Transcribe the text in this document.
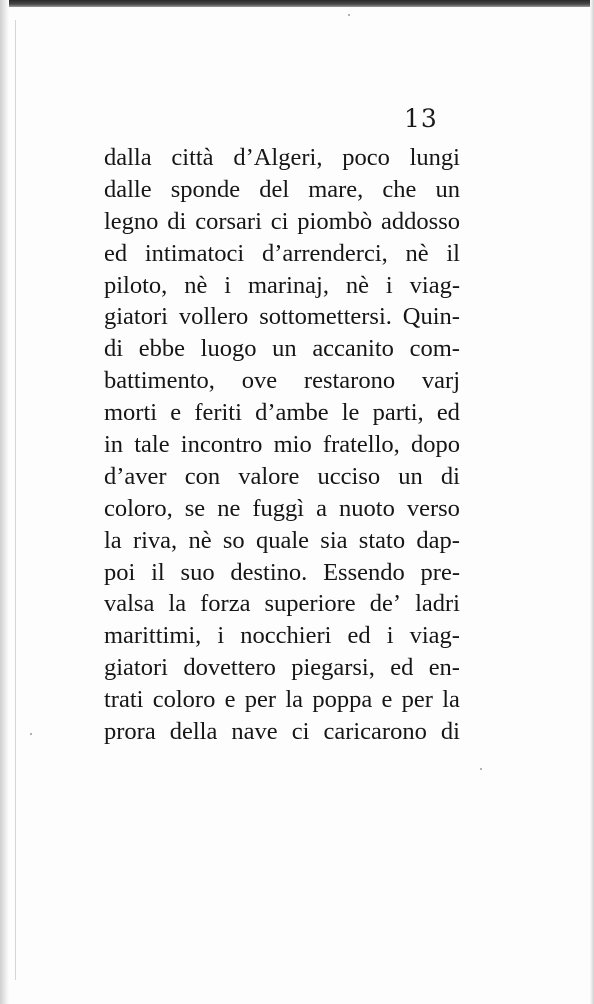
13
dalla città d’Algeri, poco lungi
dalle sponde del mare, che un
legno di corsari ci piombò addosso
ed intimatoci d’arrenderci, nè il
piloto, nè i marinaj, nè i viag-
giatori vollero sottomettersi. Quin-
di ebbe luogo un accanito com-
battimento, ove restarono varj
morti e feriti d’ambe le parti, ed
in tale incontro mio fratello, dopo
d’aver con valore ucciso un di
coloro, se ne fuggì a nuoto verso
la riva, nè so quale sia stato dap-
poi il suo destino. Essendo pre-
valsa la forza superiore de’ ladri
marittimi, i nocchieri ed i viag-
giatori dovettero piegarsi, ed en-
trati coloro e per la poppa e per la
prora della nave ci caricarono di
